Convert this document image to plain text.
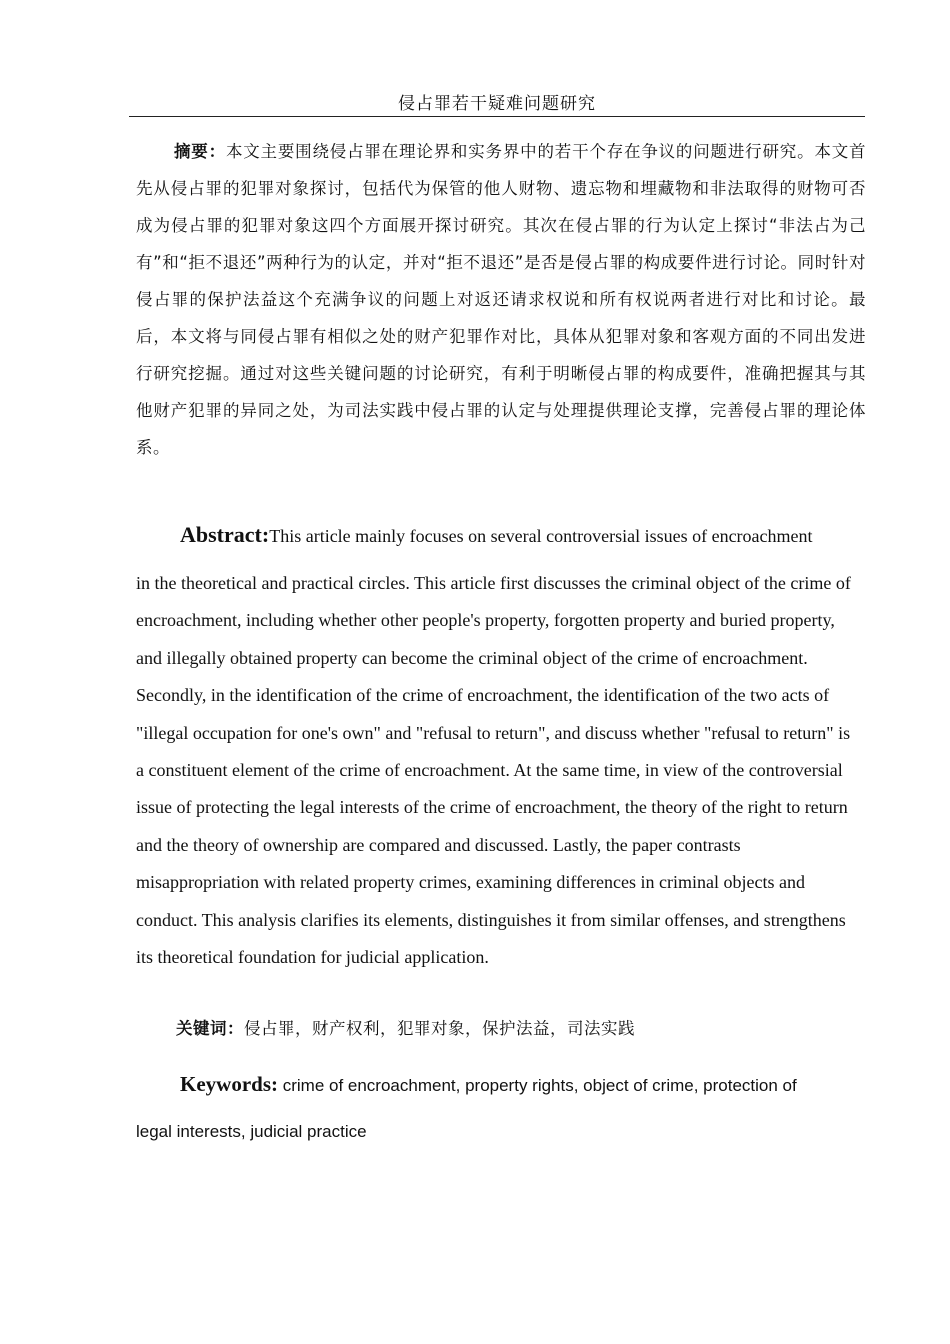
侵占罪若干疑难问题研究

摘要：本文主要围绕侵占罪在理论界和实务界中的若干个存在争议的问题进行研究。本文首先从侵占罪的犯罪对象探讨，包括代为保管的他人财物、遗忘物和埋藏物和非法取得的财物可否成为侵占罪的犯罪对象这四个方面展开探讨研究。其次在侵占罪的行为认定上探讨“非法占为己有”和“拒不退还”两种行为的认定，并对“拒不退还”是否是侵占罪的构成要件进行讨论。同时针对侵占罪的保护法益这个充满争议的问题上对返还请求权说和所有权说两者进行对比和讨论。最后，本文将与同侵占罪有相似之处的财产犯罪作对比，具体从犯罪对象和客观方面的不同出发进行研究挖掘。通过对这些关键问题的讨论研究，有利于明晰侵占罪的构成要件，准确把握其与其他财产犯罪的异同之处，为司法实践中侵占罪的认定与处理提供理论支撑，完善侵占罪的理论体系。

Abstract:This article mainly focuses on several controversial issues of encroachment
in the theoretical and practical circles. This article first discusses the criminal object of the crime of encroachment, including whether other people's property, forgotten property and buried property, and illegally obtained property can become the criminal object of the crime of encroachment. Secondly, in the identification of the crime of encroachment, the identification of the two acts of "illegal occupation for one's own" and "refusal to return", and discuss whether "refusal to return" is a constituent element of the crime of encroachment. At the same time, in view of the controversial issue of protecting the legal interests of the crime of encroachment, the theory of the right to return and the theory of ownership are compared and discussed. Lastly, the paper contrasts misappropriation with related property crimes, examining differences in criminal objects and conduct. This analysis clarifies its elements, distinguishes it from similar offenses, and strengthens its theoretical foundation for judicial application.

关键词：侵占罪，财产权利，犯罪对象，保护法益，司法实践

Keywords: crime of encroachment, property rights, object of crime, protection of
legal interests, judicial practice
